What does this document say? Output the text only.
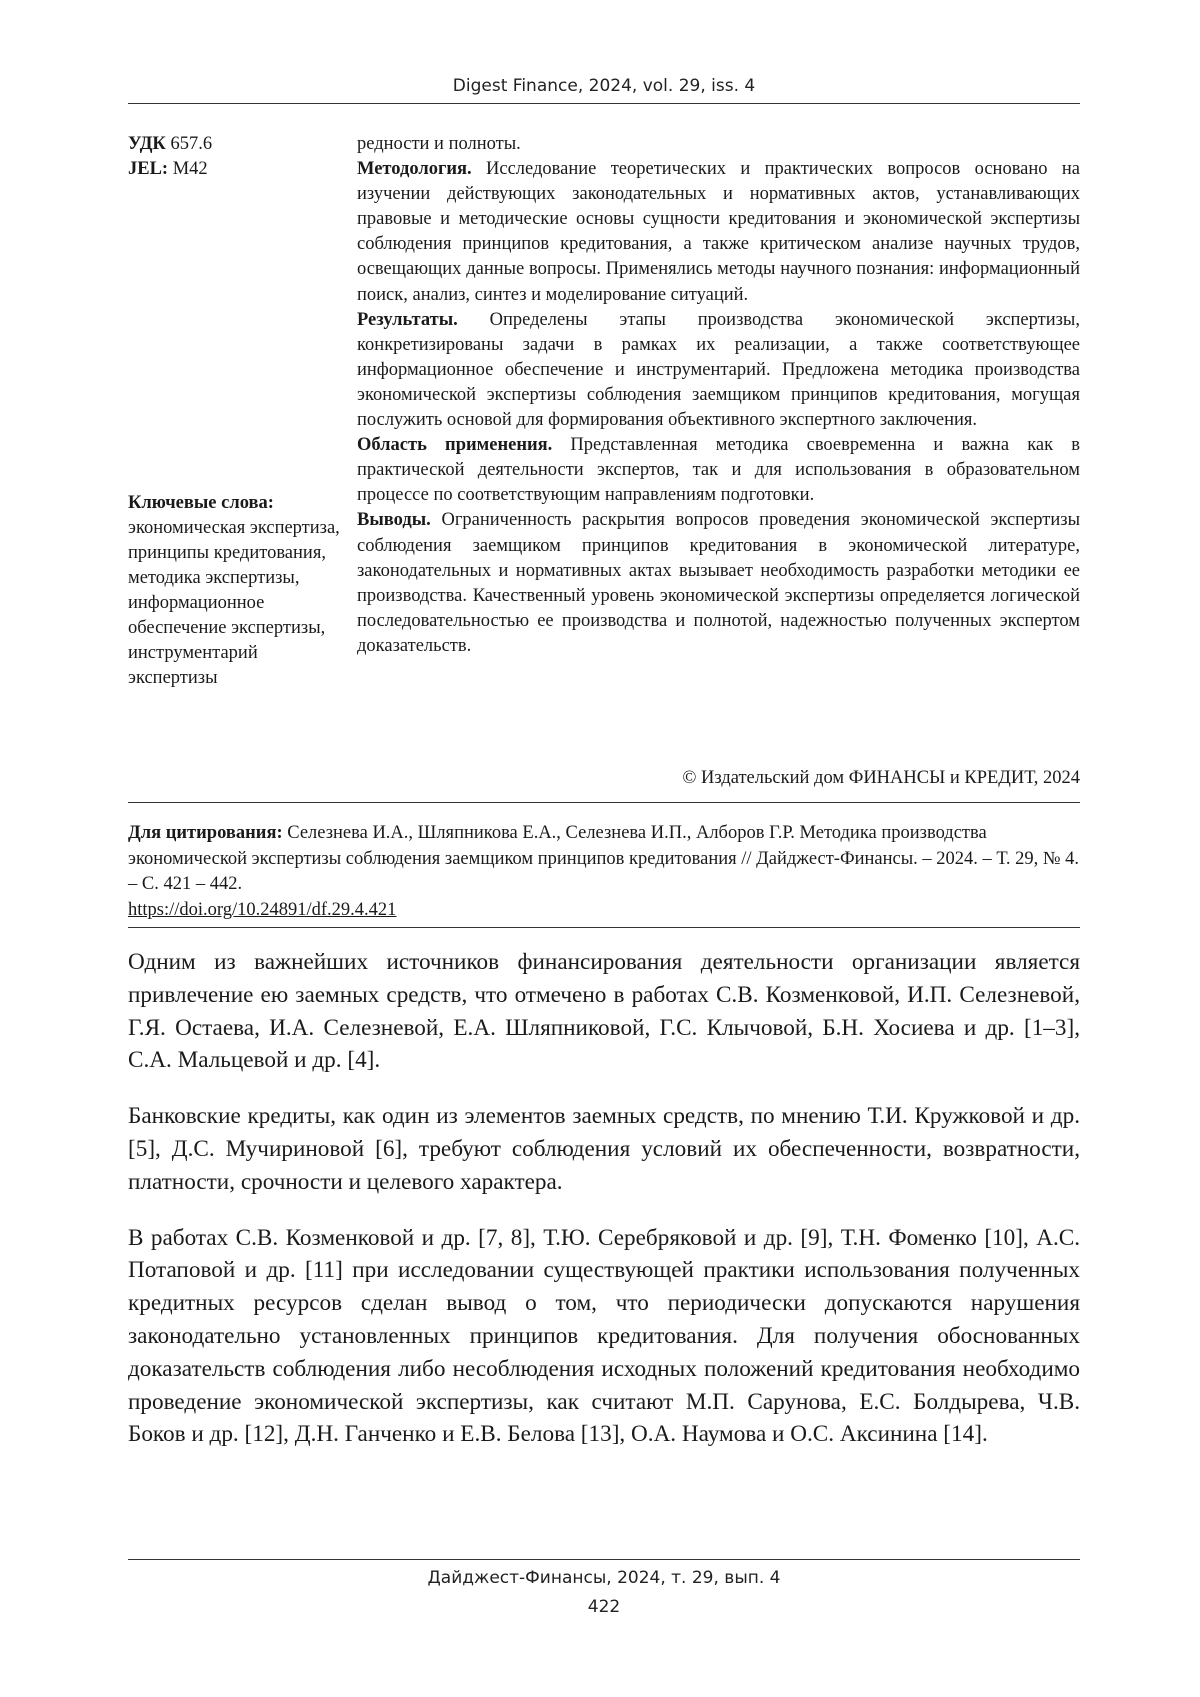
Digest Finance, 2024, vol. 29, iss. 4
УДК 657.6
JEL: M42
Ключевые слова:
экономическая экспертиза, принципы кредитования, методика экспертизы, информационное обеспечение экспертизы, инструментарий экспертизы

редности и полноты.

Методология. Исследование теоретических и практических вопросов основано на изучении действующих законодательных и нормативных актов, устанавливающих правовые и методические основы сущности кредитования и экономической экспертизы соблюдения принципов кредитования, а также критическом анализе научных трудов, освещающих данные вопросы. Применялись методы научного познания: информационный поиск, анализ, синтез и моделирование ситуаций.

Результаты. Определены этапы производства экономической экспертизы, конкретизированы задачи в рамках их реализации, а также соответствующее информационное обеспечение и инструментарий. Предложена методика производства экономической экспертизы соблюдения заемщиком принципов кредитования, могущая послужить основой для формирования объективного экспертного заключения.

Область применения. Представленная методика своевременна и важна как в практической деятельности экспертов, так и для использования в образовательном процессе по соответствующим направлениям подготовки.

Выводы. Ограниченность раскрытия вопросов проведения экономической экспертизы соблюдения заемщиком принципов кредитования в экономической литературе, законодательных и нормативных актах вызывает необходимость разработки методики ее производства. Качественный уровень экономической экспертизы определяется логической последовательностью ее производства и полнотой, надежностью полученных экспертом доказательств.

© Издательский дом ФИНАНСЫ и КРЕДИТ, 2024
Для цитирования: Селезнева И.А., Шляпникова Е.А., Селезнева И.П., Алборов Г.Р. Методика производства экономической экспертизы соблюдения заемщиком принципов кредитования // Дайджест-Финансы. – 2024. – Т. 29, № 4. – С. 421 – 442.
https://doi.org/10.24891/df.29.4.421

Одним из важнейших источников финансирования деятельности организации является привлечение ею заемных средств, что отмечено в работах С.В. Козменковой, И.П. Селезневой, Г.Я. Остаева, И.А. Селезневой, Е.А. Шляпниковой, Г.С. Клычовой, Б.Н. Хосиева и др. [1–3], С.А. Мальцевой и др. [4].

Банковские кредиты, как один из элементов заемных средств, по мнению Т.И. Кружковой и др. [5], Д.С. Мучириновой [6], требуют соблюдения условий их обеспеченности, возвратности, платности, срочности и целевого характера.

В работах С.В. Козменковой и др. [7, 8], Т.Ю. Серебряковой и др. [9], Т.Н. Фоменко [10], А.С. Потаповой и др. [11] при исследовании существующей практики использования полученных кредитных ресурсов сделан вывод о том, что периодически допускаются нарушения законодательно установленных принципов кредитования. Для получения обоснованных доказательств соблюдения либо несоблюдения исходных положений кредитования необходимо проведение экономической экспертизы, как считают М.П. Сарунова, Е.С. Болдырева, Ч.В. Боков и др. [12], Д.Н. Ганченко и Е.В. Белова [13], О.А. Наумова и О.С. Аксинина [14].

Дайджест-Финансы, 2024, т. 29, вып. 4
422
